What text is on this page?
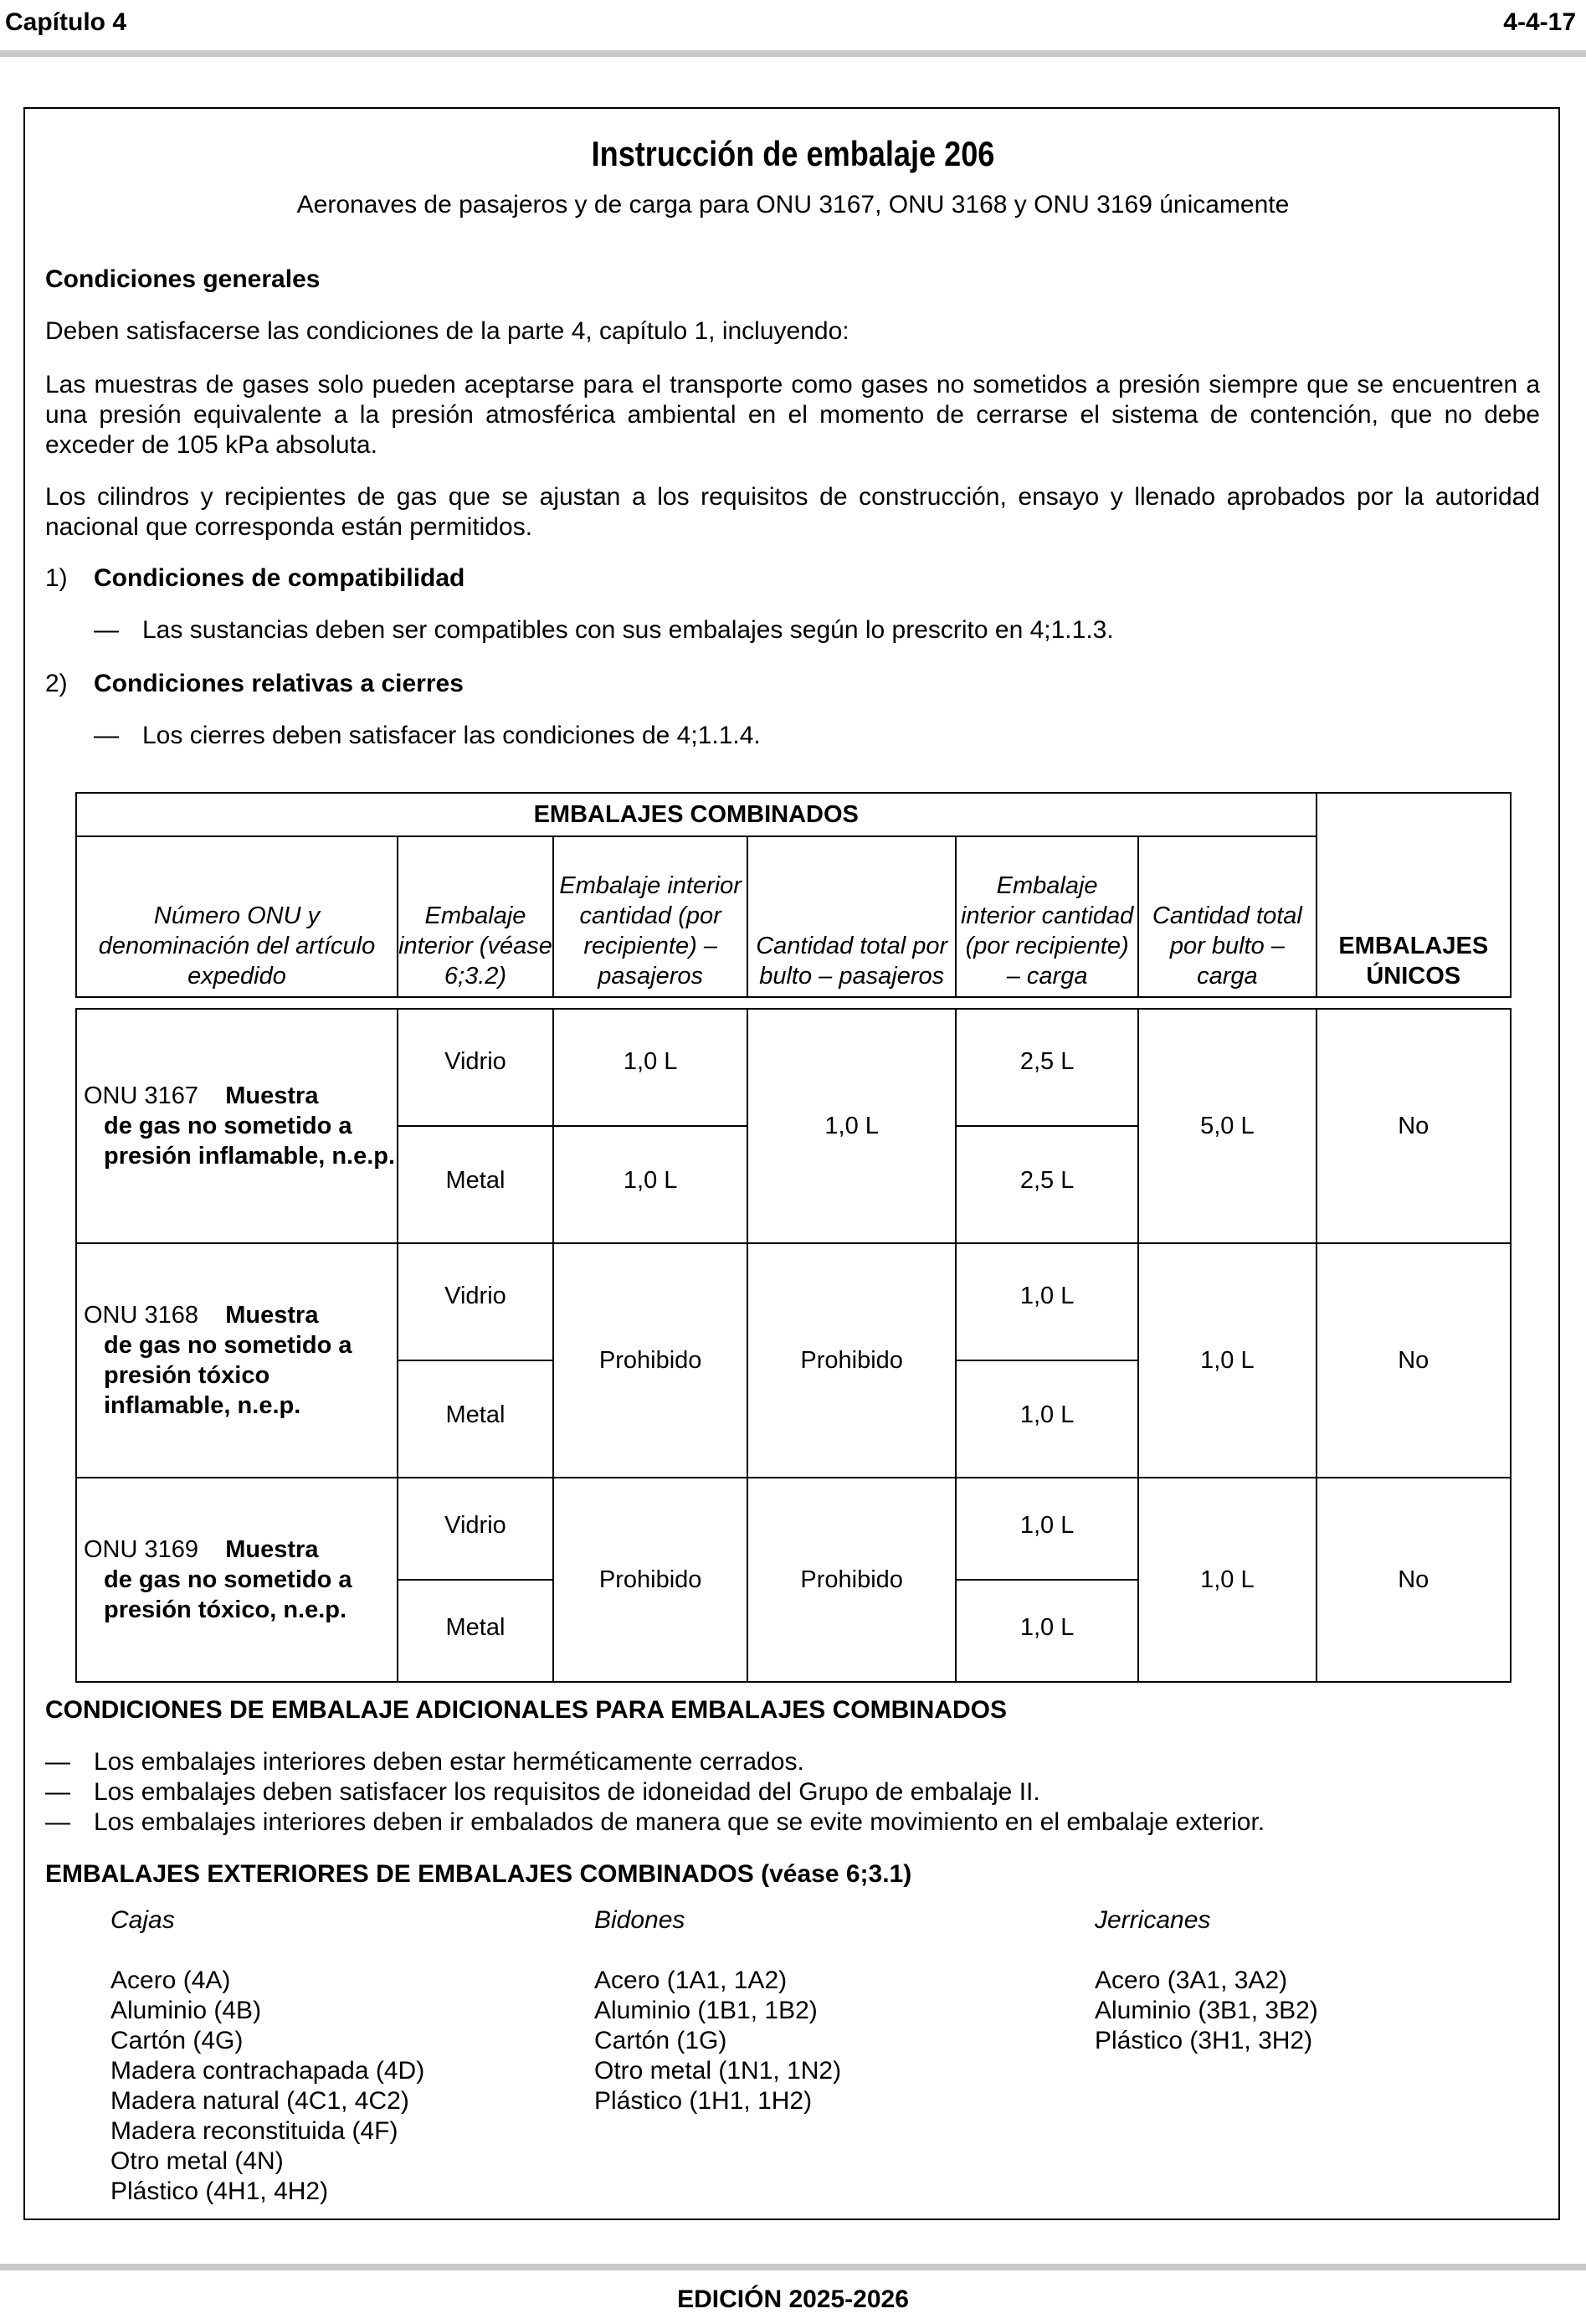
Capítulo 4	4-4-17
Instrucción de embalaje 206
Aeronaves de pasajeros y de carga para ONU 3167, ONU 3168 y ONU 3169 únicamente
Condiciones generales
Deben satisfacerse las condiciones de la parte 4, capítulo 1, incluyendo:
Las muestras de gases solo pueden aceptarse para el transporte como gases no sometidos a presión siempre que se encuentren a una presión equivalente a la presión atmosférica ambiental en el momento de cerrarse el sistema de contención, que no debe exceder de 105 kPa absoluta.
Los cilindros y recipientes de gas que se ajustan a los requisitos de construcción, ensayo y llenado aprobados por la autoridad nacional que corresponda están permitidos.
1) Condiciones de compatibilidad
— Las sustancias deben ser compatibles con sus embalajes según lo prescrito en 4;1.1.3.
2) Condiciones relativas a cierres
— Los cierres deben satisfacer las condiciones de 4;1.1.4.
EMBALAJES COMBINADOS						EMBALAJES ÚNICOS
Número ONU y denominación del artículo expedido	Embalaje interior (véase 6;3.2)	Embalaje interior cantidad (por recipiente) – pasajeros	Cantidad total por bulto – pasajeros	Embalaje interior cantidad (por recipiente) – carga	Cantidad total por bulto – carga	

ONU 3167 Muestra
de gas no sometido a presión inflamable, n.e.p.	Vidrio	1,0 L	1,0 L	2,5 L	5,0 L	No
	Metal	1,0 L		2,5 L		

ONU 3168 Muestra
de gas no sometido a presión tóxico inflamable, n.e.p.	Vidrio	Prohibido	Prohibido	1,0 L	1,0 L	No
	Metal			1,0 L		

ONU 3169 Muestra
de gas no sometido a presión tóxico, n.e.p.	Vidrio	Prohibido	Prohibido	1,0 L	1,0 L	No
	Metal			1,0 L		
CONDICIONES DE EMBALAJE ADICIONALES PARA EMBALAJES COMBINADOS
— Los embalajes interiores deben estar herméticamente cerrados.
— Los embalajes deben satisfacer los requisitos de idoneidad del Grupo de embalaje II.
— Los embalajes interiores deben ir embalados de manera que se evite movimiento en el embalaje exterior.
EMBALAJES EXTERIORES DE EMBALAJES COMBINADOS (véase 6;3.1)
Cajas
Acero (4A)
Aluminio (4B)
Cartón (4G)
Madera contrachapada (4D)
Madera natural (4C1, 4C2)
Madera reconstituida (4F)
Otro metal (4N)
Plástico (4H1, 4H2)
Bidones
Acero (1A1, 1A2)
Aluminio (1B1, 1B2)
Cartón (1G)
Otro metal (1N1, 1N2)
Plástico (1H1, 1H2)
Jerricanes
Acero (3A1, 3A2)
Aluminio (3B1, 3B2)
Plástico (3H1, 3H2)
EDICIÓN 2025-2026
